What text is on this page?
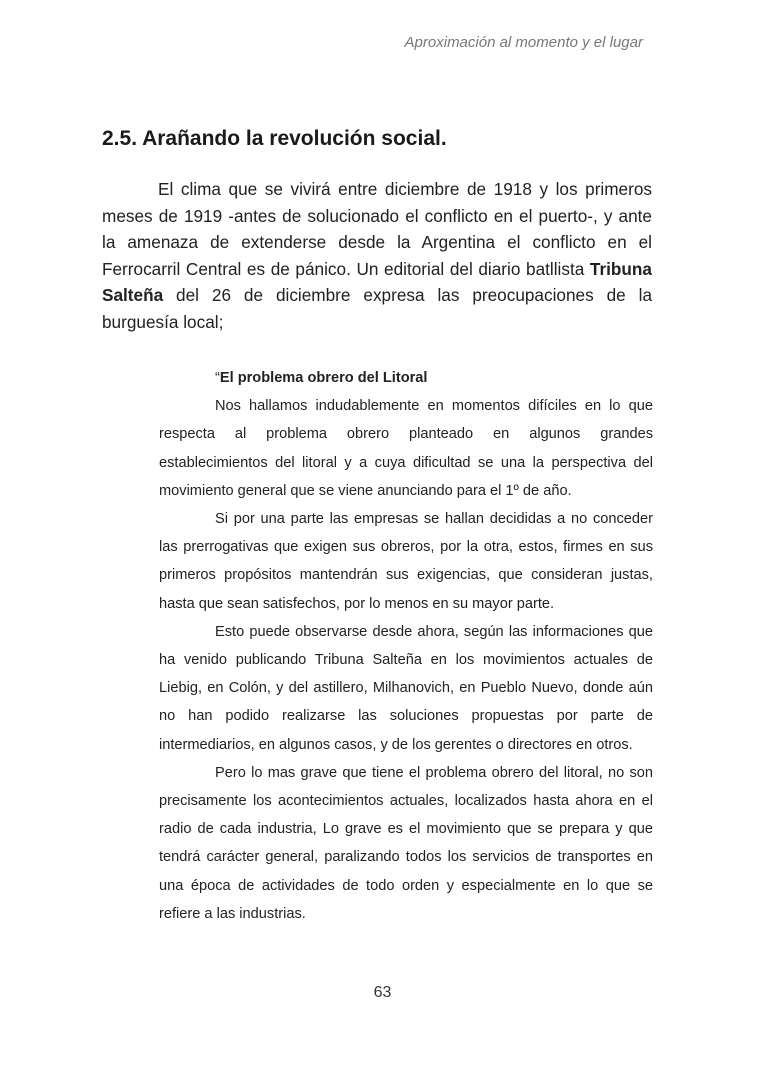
Aproximación al momento y el lugar
2.5. Arañando la revolución social.

El clima que se vivirá entre diciembre de 1918 y los primeros meses de 1919 -antes de solucionado el conflicto en el puerto-, y ante la amenaza de extenderse desde la Argentina el conflicto en el Ferrocarril Central es de pánico. Un editorial del diario batllista Tribuna Salteña del 26 de diciembre expresa las preocupaciones de la burguesía local;

“El problema obrero del Litoral

Nos hallamos indudablemente en momentos difíciles en lo que respecta al problema obrero planteado en algunos grandes establecimientos del litoral y a cuya dificultad se una la perspectiva del movimiento general que se viene anunciando para el 1º de año.

Si por una parte las empresas se hallan decididas a no conceder las prerrogativas que exigen sus obreros, por la otra, estos, firmes en sus primeros propósitos mantendrán sus exigencias, que consideran justas, hasta que sean satisfechos, por lo menos en su mayor parte.

Esto puede observarse desde ahora, según las informaciones que ha venido publicando Tribuna Salteña en los movimientos actuales de Liebig, en Colón, y del astillero, Milhanovich, en Pueblo Nuevo, donde aún no han podido realizarse las soluciones propuestas por parte de intermediarios, en algunos casos, y de los gerentes o directores en otros.

Pero lo mas grave que tiene el problema obrero del litoral, no son precisamente los acontecimientos actuales, localizados hasta ahora en el radio de cada industria, Lo grave es el movimiento que se prepara y que tendrá carácter general, paralizando todos los servicios de transportes en una época de actividades de todo orden y especialmente en lo que se refiere a las industrias.

63
